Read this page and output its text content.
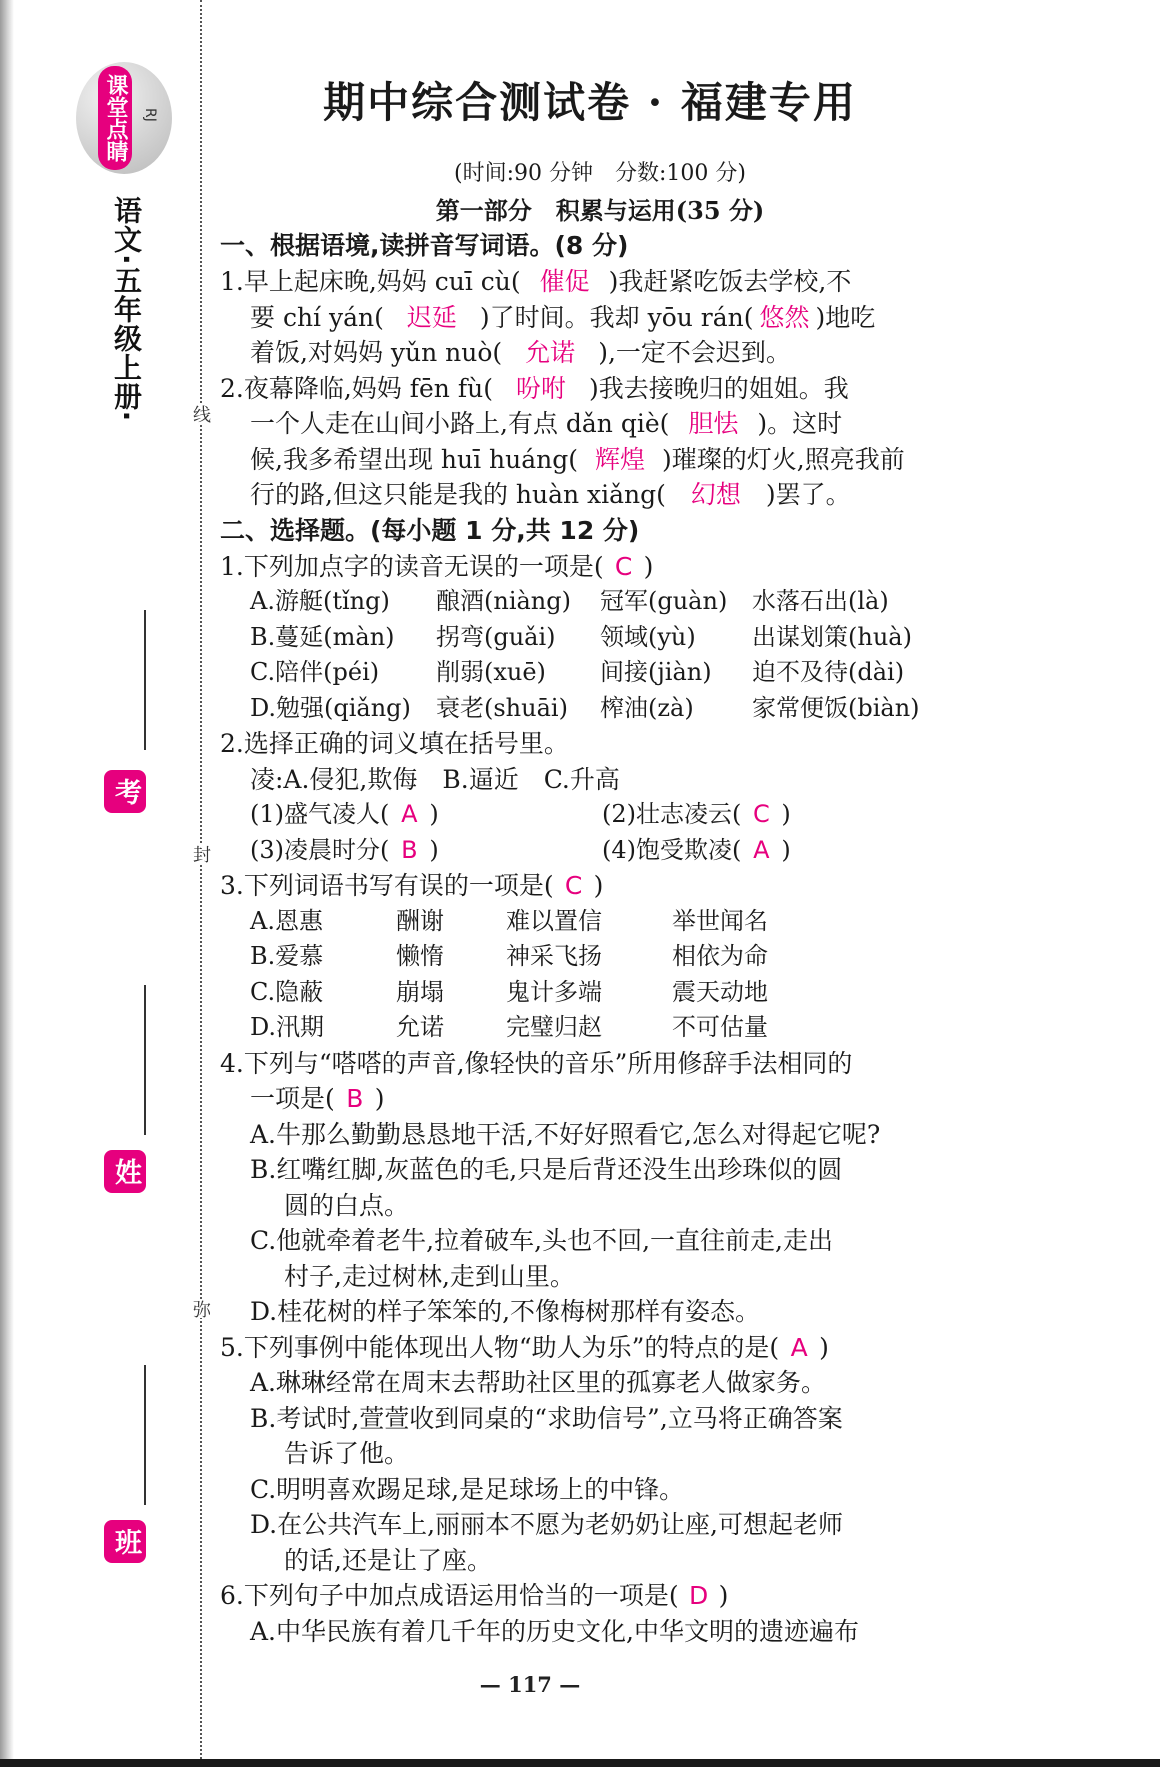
线
封
弥
课堂点睛 RJ
语文·五年级上册·
考号
姓名
班级
期中综合测试卷 · 福建专用
(时间:90 分钟　分数:100 分)
第一部分　积累与运用(35 分)
一、根据语境,读拼音写词语。(8 分)
1.早上起床晚,妈妈 cuī cù( 催促 )我赶紧吃饭去学校,不
要 chí yán( 迟延 )了时间。我却 yōu rán( 悠然 )地吃
着饭,对妈妈 yǔn nuò( 允诺 ),一定不会迟到。
2.夜幕降临,妈妈 fēn fù( 吩咐 )我去接晚归的姐姐。我
一个人走在山间小路上,有点 dǎn qiè( 胆怯 )。这时
候,我多希望出现 huī huáng( 辉煌 )璀璨的灯火,照亮我前
行的路,但这只能是我的 huàn xiǎng( 幻想 )罢了。
二、选择题。(每小题 1 分,共 12 分)
1.下列加点字的读音无误的一项是( C )
A.游艇(tǐng)	酿酒(niàng)	冠军(guàn)	水落石出(là)
B.蔓延(màn)	拐弯(guǎi)	领域(yù)	出谋划策(huà)
C.陪伴(péi)	削弱(xuē)	间接(jiàn)	迫不及待(dài)
D.勉强(qiǎng)	衰老(shuāi)	榨油(zà)	家常便饭(biàn)
2.选择正确的词义填在括号里。
凌:A.侵犯,欺侮　B.逼近　C.升高
(1)盛气凌人( A )	(2)壮志凌云( C )
(3)凌晨时分( B )	(4)饱受欺凌( A )
3.下列词语书写有误的一项是( C )
A.恩惠	酬谢	难以置信	举世闻名
B.爱慕	懒惰	神采飞扬	相依为命
C.隐蔽	崩塌	鬼计多端	震天动地
D.汛期	允诺	完璧归赵	不可估量
4.下列与“嗒嗒的声音,像轻快的音乐”所用修辞手法相同的
一项是( B )
A.牛那么勤勤恳恳地干活,不好好照看它,怎么对得起它呢?
B.红嘴红脚,灰蓝色的毛,只是后背还没生出珍珠似的圆
圆的白点。
C.他就牵着老牛,拉着破车,头也不回,一直往前走,走出
村子,走过树林,走到山里。
D.桂花树的样子笨笨的,不像梅树那样有姿态。
5.下列事例中能体现出人物“助人为乐”的特点的是( A )
A.琳琳经常在周末去帮助社区里的孤寡老人做家务。
B.考试时,萱萱收到同桌的“求助信号”,立马将正确答案
告诉了他。
C.明明喜欢踢足球,是足球场上的中锋。
D.在公共汽车上,丽丽本不愿为老奶奶让座,可想起老师
的话,还是让了座。
6.下列句子中加点成语运用恰当的一项是( D )
A.中华民族有着几千年的历史文化,中华文明的遗迹遍布
— 117 —
